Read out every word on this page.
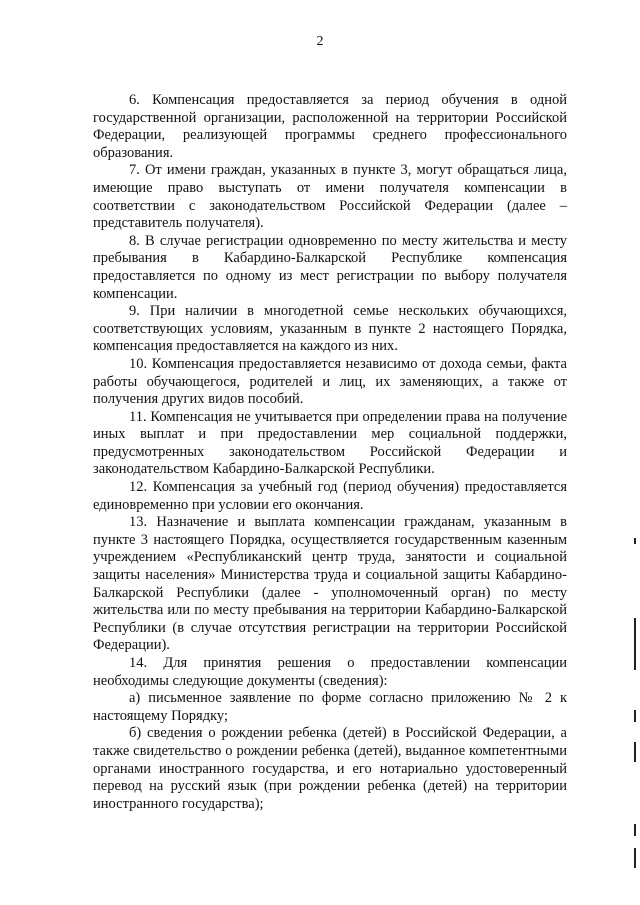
2

6. Компенсация предоставляется за период обучения в одной государственной организации, расположенной на территории Российской Федерации, реализующей программы среднего профессионального образования.

7. От имени граждан, указанных в пункте 3, могут обращаться лица, имеющие право выступать от имени получателя компенсации в соответствии с законодательством Российской Федерации (далее – представитель получателя).

8. В случае регистрации одновременно по месту жительства и месту пребывания в Кабардино-Балкарской Республике компенсация предоставляется по одному из мест регистрации по выбору получателя компенсации.

9. При наличии в многодетной семье нескольких обучающихся, соответствующих условиям, указанным в пункте 2 настоящего Порядка, компенсация предоставляется на каждого из них.

10. Компенсация предоставляется независимо от дохода семьи, факта работы обучающегося, родителей и лиц, их заменяющих, а также от получения других видов пособий.

11. Компенсация не учитывается при определении права на получение иных выплат и при предоставлении мер социальной поддержки, предусмотренных законодательством Российской Федерации и законодательством Кабардино-Балкарской Республики.

12. Компенсация за учебный год (период обучения) предоставляется единовременно при условии его окончания.

13. Назначение и выплата компенсации гражданам, указанным в пункте 3 настоящего Порядка, осуществляется государственным казенным учреждением «Республиканский центр труда, занятости и социальной защиты населения» Министерства труда и социальной защиты Кабардино-Балкарской Республики (далее - уполномоченный орган) по месту жительства или по месту пребывания на территории Кабардино-Балкарской Республики (в случае отсутствия регистрации на территории Российской Федерации).

14. Для принятия решения о предоставлении компенсации необходимы следующие документы (сведения):

а) письменное заявление по форме согласно приложению № 2 к настоящему Порядку;

б) сведения о рождении ребенка (детей) в Российской Федерации, а также свидетельство о рождении ребенка (детей), выданное компетентными органами иностранного государства, и его нотариально удостоверенный перевод на русский язык (при рождении ребенка (детей) на территории иностранного государства);
